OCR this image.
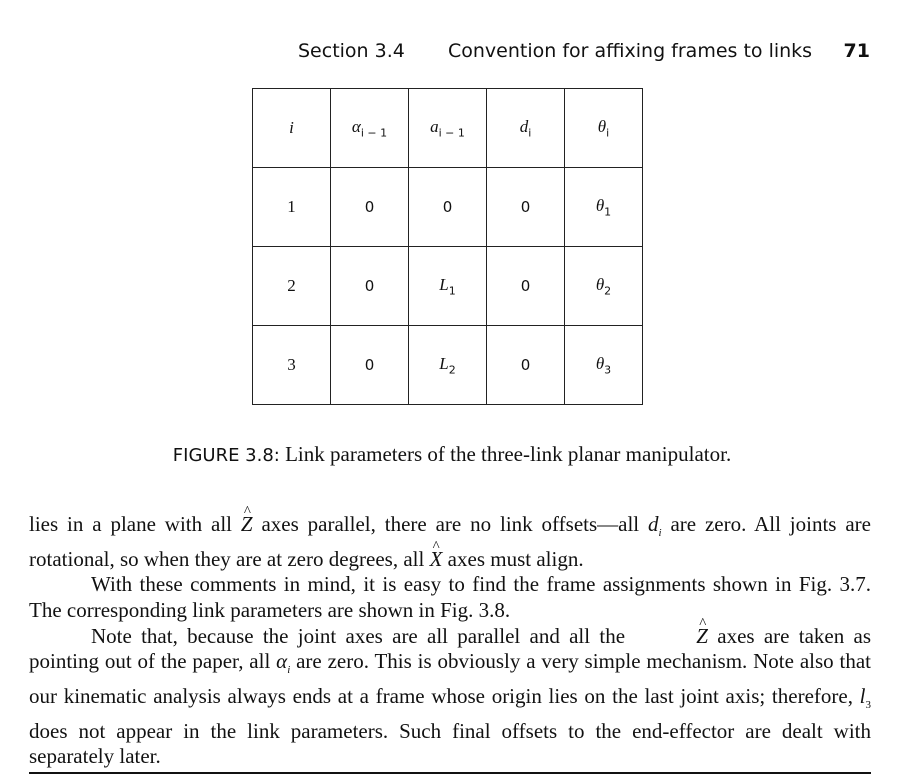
Section 3.4 Convention for affixing frames to links 71
i	$\alpha_{i - 1}$	$a_{i - 1}$	$d_i$	$\theta_i$
1	0	0	0	$\theta_1$
2	0	$L_1$	0	$\theta_2$
3	0	$L_2$	0	$\theta_3$
FIGURE 3.8: Link parameters of the three-link planar manipulator.

lies in a plane with all ^ Z axes parallel, there are no link offsets—all $d_i$ are zero. All joints are rotational, so when they are at zero degrees, all ^ X axes must align.

With these comments in mind, it is easy to find the frame assignments shown in Fig. 3.7. The corresponding link parameters are shown in Fig. 3.8.

Note that, because the joint axes are all parallel and all the	^ Z axes are taken as pointing out of the paper, all $\alpha_i$ are zero. This is obviously a very simple mechanism. Note also that our kinematic analysis always ends at a frame whose origin lies on the last joint axis; therefore, $l_3$ does not appear in the link parameters. Such final offsets to the end-effector are dealt with separately later.
